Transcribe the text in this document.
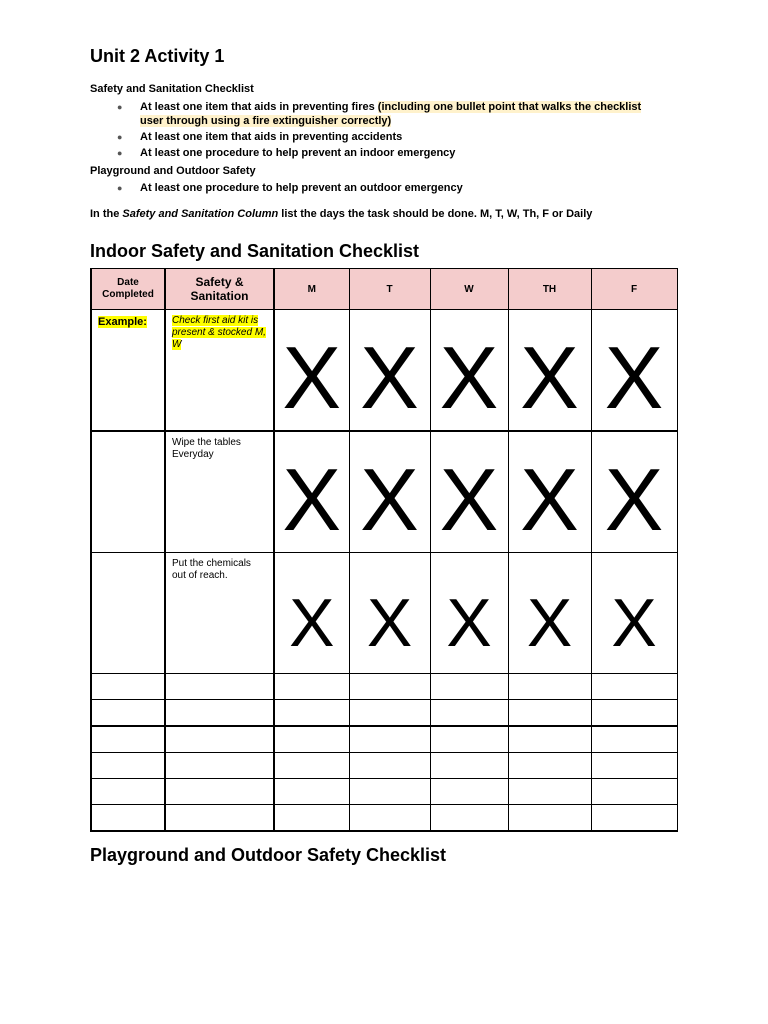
Unit 2 Activity 1
Safety and Sanitation Checklist
● At least one item that aids in preventing fires (including one bullet point that walks the checklist user through using a fire extinguisher correctly)
● At least one item that aids in preventing accidents
● At least one procedure to help prevent an indoor emergency
Playground and Outdoor Safety
● At least one procedure to help prevent an outdoor emergency
In the Safety and Sanitation Column list the days the task should be done. M, T, W, Th, F or Daily
Indoor Safety and Sanitation Checklist
Date Completed	Safety & Sanitation	M	T	W	TH	F

Example:	Check first aid kit is present & stocked M, W	X	X	X	X	X

	Wipe the tables Everyday	X	X	X	X	X

	Put the chemicals out of reach.	X	X	X	X	X

Playground and Outdoor Safety Checklist
